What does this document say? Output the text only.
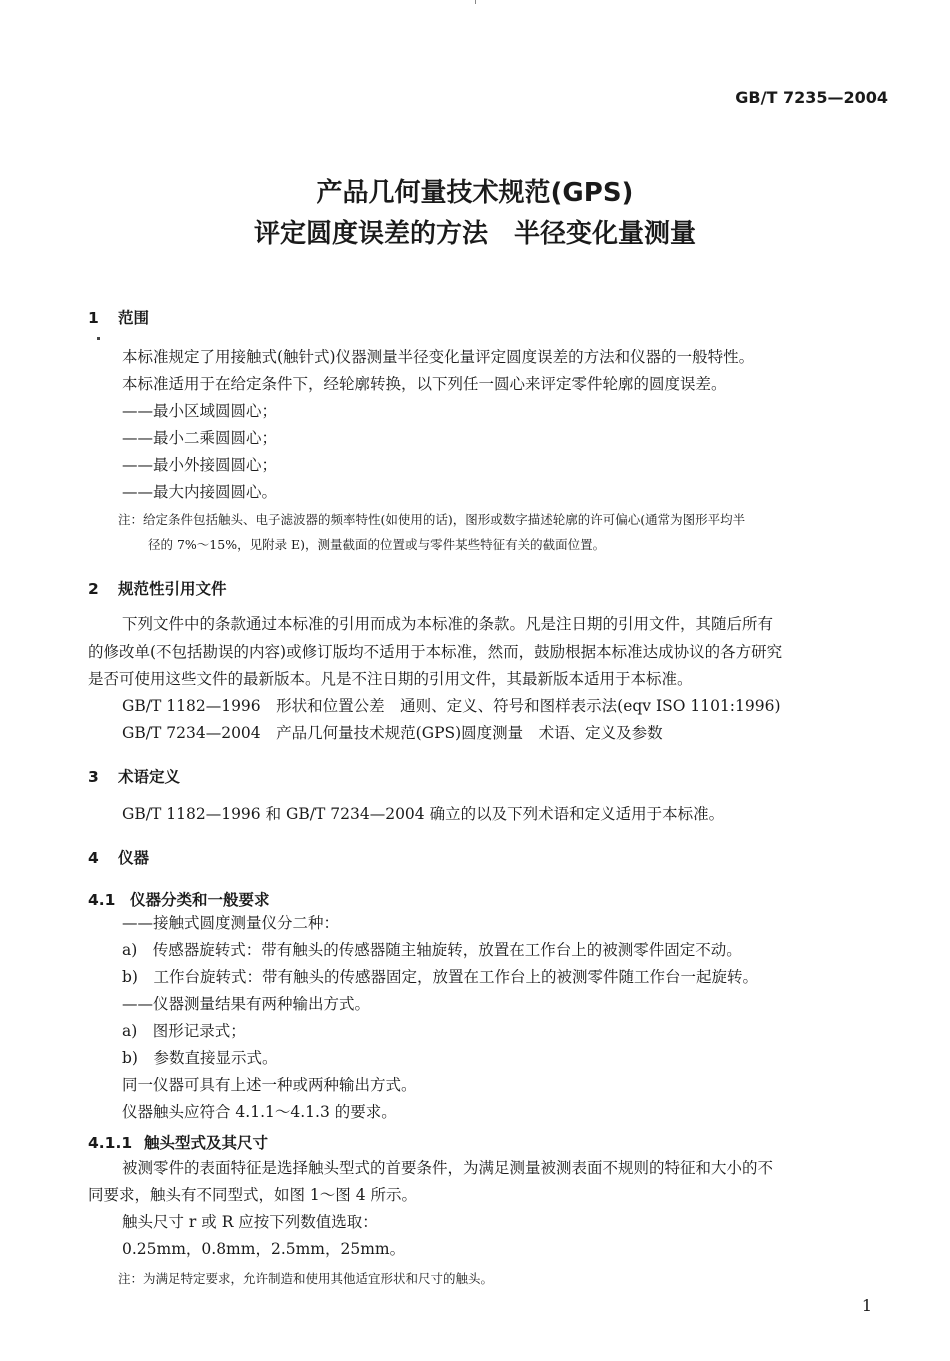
GB/T 7235—2004
产品几何量技术规范(GPS)
评定圆度误差的方法　半径变化量测量
1 范围
本标准规定了用接触式(触针式)仪器测量半径变化量评定圆度误差的方法和仪器的一般特性。
本标准适用于在给定条件下，经轮廓转换，以下列任一圆心来评定零件轮廓的圆度误差。
——最小区域圆圆心；
——最小二乘圆圆心；
——最小外接圆圆心；
——最大内接圆圆心。
注：给定条件包括触头、电子滤波器的频率特性(如使用的话)，图形或数字描述轮廓的许可偏心(通常为图形平均半
径的 7%～15%，见附录 E)，测量截面的位置或与零件某些特征有关的截面位置。
2 规范性引用文件
下列文件中的条款通过本标准的引用而成为本标准的条款。凡是注日期的引用文件，其随后所有
的修改单(不包括勘误的内容)或修订版均不适用于本标准，然而，鼓励根据本标准达成协议的各方研究
是否可使用这些文件的最新版本。凡是不注日期的引用文件，其最新版本适用于本标准。
GB/T 1182—1996　形状和位置公差　通则、定义、符号和图样表示法(eqv ISO 1101:1996)
GB/T 7234—2004　产品几何量技术规范(GPS)圆度测量　术语、定义及参数
3 术语定义
GB/T 1182—1996 和 GB/T 7234—2004 确立的以及下列术语和定义适用于本标准。
4 仪器
4.1 仪器分类和一般要求
——接触式圆度测量仪分二种：
a)　传感器旋转式：带有触头的传感器随主轴旋转，放置在工作台上的被测零件固定不动。
b)　工作台旋转式：带有触头的传感器固定，放置在工作台上的被测零件随工作台一起旋转。
——仪器测量结果有两种输出方式。
a)　图形记录式；
b)　参数直接显示式。
同一仪器可具有上述一种或两种输出方式。
仪器触头应符合 4.1.1～4.1.3 的要求。
4.1.1 触头型式及其尺寸
被测零件的表面特征是选择触头型式的首要条件，为满足测量被测表面不规则的特征和大小的不
同要求，触头有不同型式，如图 1～图 4 所示。
触头尺寸 r 或 R 应按下列数值选取：
0.25mm，0.8mm，2.5mm，25mm。
注：为满足特定要求，允许制造和使用其他适宜形状和尺寸的触头。
1
